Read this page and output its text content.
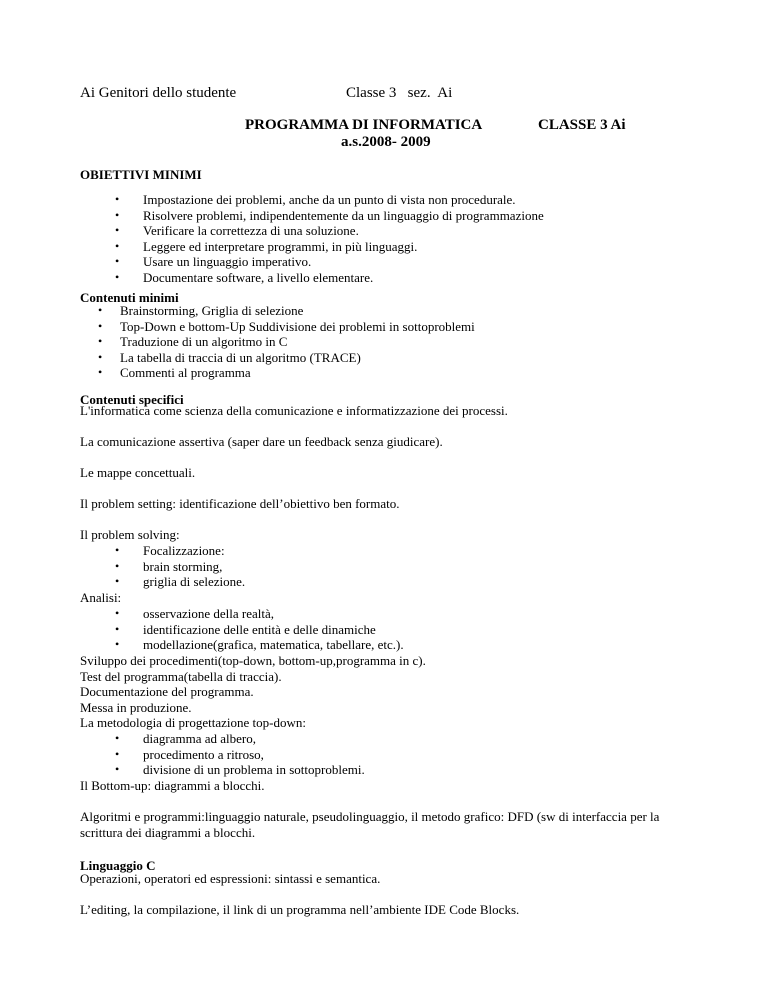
Ai Genitori dello studente	Classe 3   sez.  Ai
PROGRAMMA DI INFORMATICA	CLASSE 3 Ai
a.s.2008- 2009
OBIETTIVI MINIMI
• Impostazione dei problemi, anche da un punto di vista non procedurale.
• Risolvere problemi, indipendentemente da un linguaggio di programmazione
• Verificare la correttezza di una soluzione.
• Leggere ed interpretare programmi, in più linguaggi.
• Usare un linguaggio imperativo.
• Documentare software, a livello elementare.
Contenuti minimi
• Brainstorming, Griglia di selezione
• Top-Down e bottom-Up Suddivisione dei problemi in sottoproblemi
• Traduzione di un algoritmo in C
• La tabella di traccia di un algoritmo (TRACE)
• Commenti al programma
Contenuti specifici
L'informatica come scienza della comunicazione e informatizzazione dei processi.
La comunicazione assertiva (saper dare un feedback senza giudicare).
Le mappe concettuali.
Il problem setting: identificazione dell’obiettivo ben formato.
Il problem solving:
• Focalizzazione:
• brain storming,
• griglia di selezione.
Analisi:
• osservazione della realtà,
• identificazione delle entità e delle dinamiche
• modellazione(grafica, matematica, tabellare, etc.).
Sviluppo dei procedimenti(top-down, bottom-up,programma in c).
Test del programma(tabella di traccia).
Documentazione del programma.
Messa in produzione.
La metodologia di progettazione top-down:
• diagramma ad albero,
• procedimento a ritroso,
• divisione di un problema in sottoproblemi.
Il Bottom-up: diagrammi a blocchi.
Algoritmi e programmi:linguaggio naturale, pseudolinguaggio, il metodo grafico: DFD (sw di interfaccia per la
scrittura dei diagrammi a blocchi.
Linguaggio C
Operazioni, operatori ed espressioni: sintassi e semantica.
L’editing, la compilazione, il link di un programma nell’ambiente IDE Code Blocks.
